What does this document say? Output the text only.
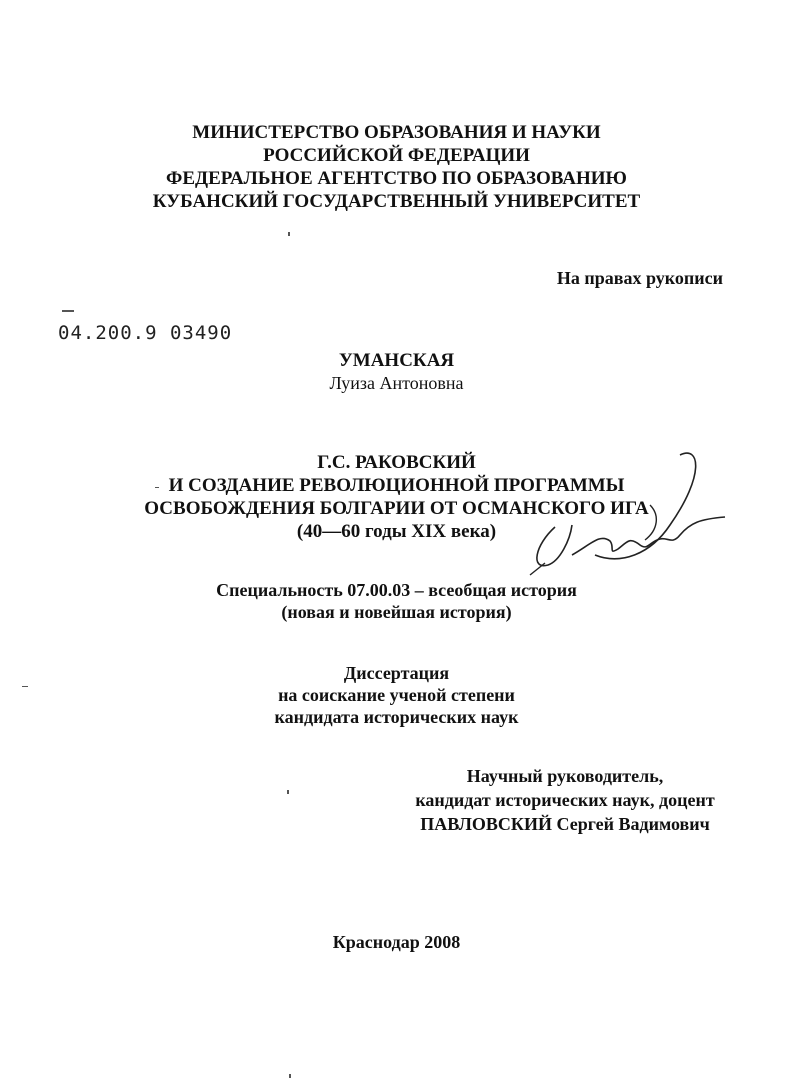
МИНИСТЕРСТВО ОБРАЗОВАНИЯ И НАУКИ
РОССИЙСКОЙ ФЕДЕРАЦИИ
ФЕДЕРАЛЬНОЕ АГЕНТСТВО ПО ОБРАЗОВАНИЮ
КУБАНСКИЙ ГОСУДАРСТВЕННЫЙ УНИВЕРСИТЕТ
На правах рукописи
04.200.9 03490
УМАНСКАЯ
Луиза Антоновна
Г.С. РАКОВСКИЙ
И СОЗДАНИЕ РЕВОЛЮЦИОННОЙ ПРОГРАММЫ
ОСВОБОЖДЕНИЯ БОЛГАРИИ ОТ ОСМАНСКОГО ИГА
(40—60 годы XIX века)
Специальность 07.00.03 – всеобщая история
(новая и новейшая история)
Диссертация
на соискание ученой степени
кандидата исторических наук
Научный руководитель,
кандидат исторических наук, доцент
ПАВЛОВСКИЙ Сергей Вадимович
Краснодар 2008
